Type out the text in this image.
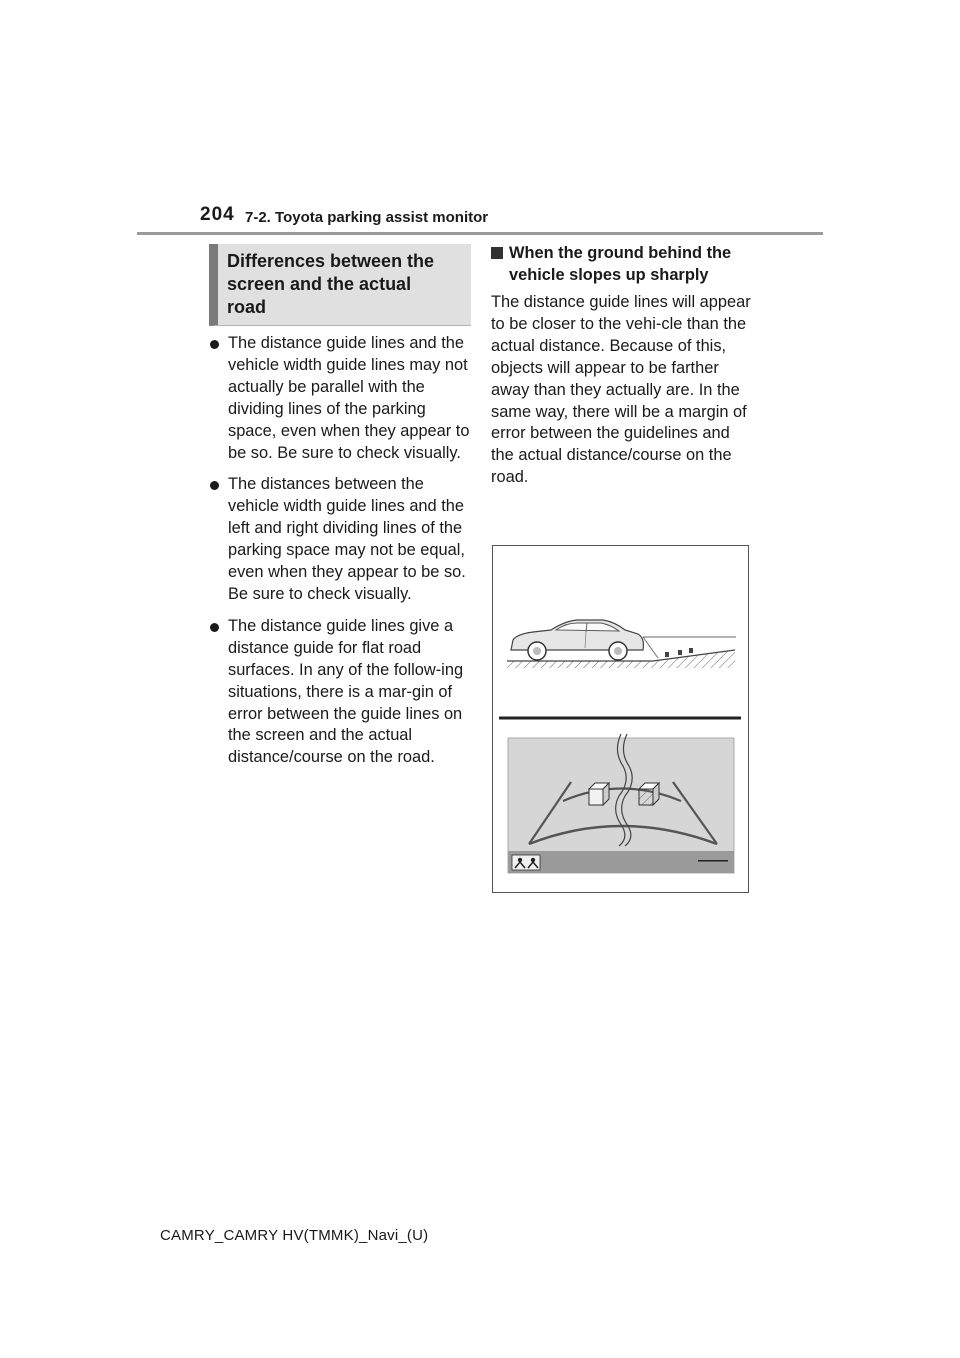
204 7-2. Toyota parking assist monitor
Differences between the
screen and the actual
road
The distance guide lines and the vehicle width guide lines may not actually be parallel with the dividing lines of the parking space, even when they appear to be so. Be sure to check visually.
The distances between the vehicle width guide lines and the left and right dividing lines of the parking space may not be equal, even when they appear to be so. Be sure to check visually.
The distance guide lines give a distance guide for flat road surfaces. In any of the follow-ing situations, there is a mar-gin of error between the guide lines on the screen and the actual distance/course on the road.
When the ground behind the vehicle slopes up sharply

The distance guide lines will appear to be closer to the vehi-cle than the actual distance. Because of this, objects will appear to be farther away than they actually are. In the same way, there will be a margin of error between the guidelines and the actual distance/course on the road.

CAMRY_CAMRY HV(TMMK)_Navi_(U)
